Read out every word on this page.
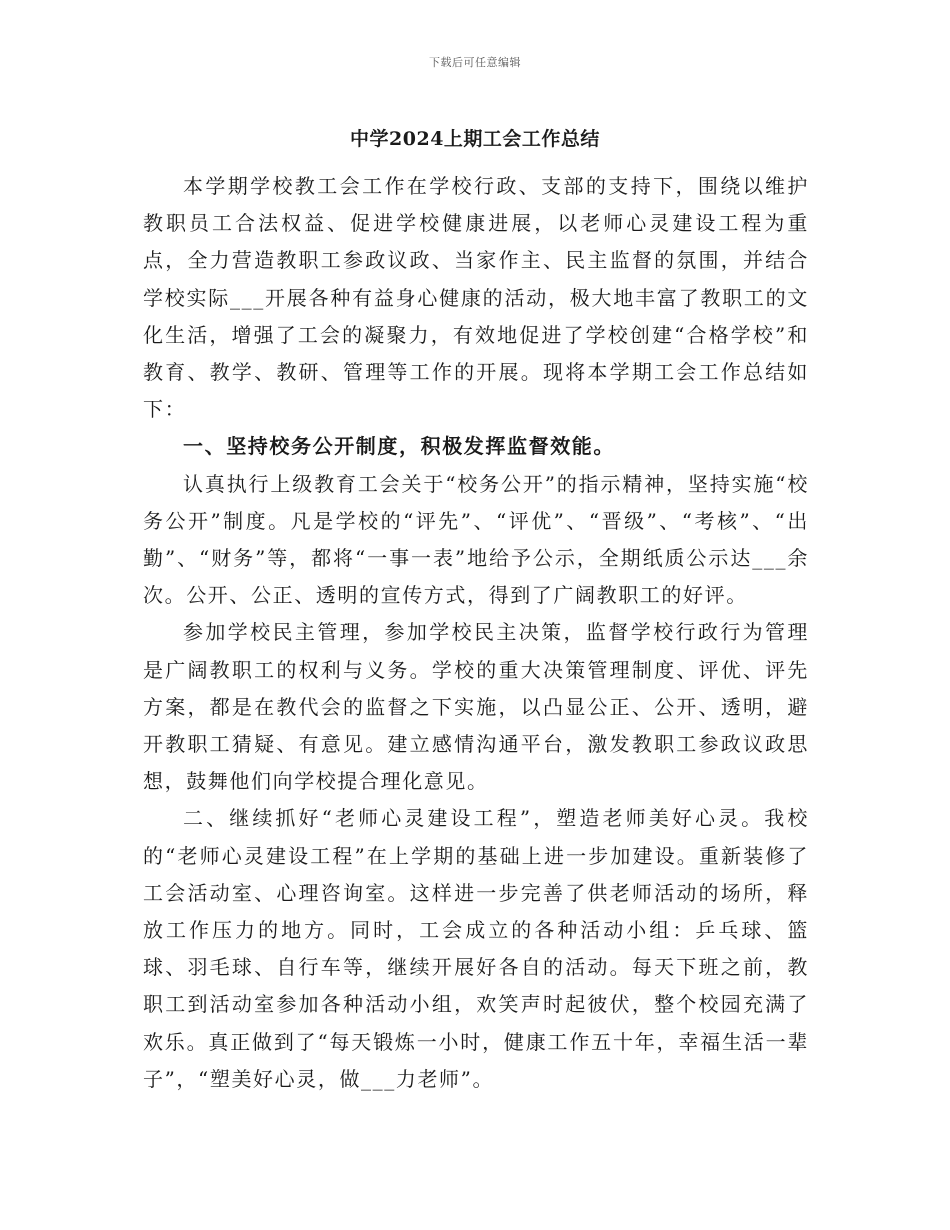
下载后可任意编辑
中学2024上期工会工作总结

本学期学校教工会工作在学校行政、支部的支持下，围绕以维护教职员工合法权益、促进学校健康进展，以老师心灵建设工程为重点，全力营造教职工参政议政、当家作主、民主监督的氛围，并结合学校实际___开展各种有益身心健康的活动，极大地丰富了教职工的文化生活，增强了工会的凝聚力，有效地促进了学校创建“合格学校”和教育、教学、教研、管理等工作的开展。现将本学期工会工作总结如下：

一、坚持校务公开制度，积极发挥监督效能。

认真执行上级教育工会关于“校务公开”的指示精神，坚持实施“校务公开”制度。凡是学校的“评先”、“评优”、“晋级”、“考核”、“出勤”、“财务”等，都将“一事一表”地给予公示，全期纸质公示达___余次。公开、公正、透明的宣传方式，得到了广阔教职工的好评。

参加学校民主管理，参加学校民主决策，监督学校行政行为管理是广阔教职工的权利与义务。学校的重大决策管理制度、评优、评先方案，都是在教代会的监督之下实施，以凸显公正、公开、透明，避开教职工猜疑、有意见。建立感情沟通平台，激发教职工参政议政思想，鼓舞他们向学校提合理化意见。

二、继续抓好“老师心灵建设工程”，塑造老师美好心灵。我校的“老师心灵建设工程”在上学期的基础上进一步加建设。重新装修了工会活动室、心理咨询室。这样进一步完善了供老师活动的场所，释放工作压力的地方。同时，工会成立的各种活动小组：乒乓球、篮球、羽毛球、自行车等，继续开展好各自的活动。每天下班之前，教职工到活动室参加各种活动小组，欢笑声时起彼伏，整个校园充满了欢乐。真正做到了“每天锻炼一小时，健康工作五十年，幸福生活一辈子”，“塑美好心灵，做___力老师”。
